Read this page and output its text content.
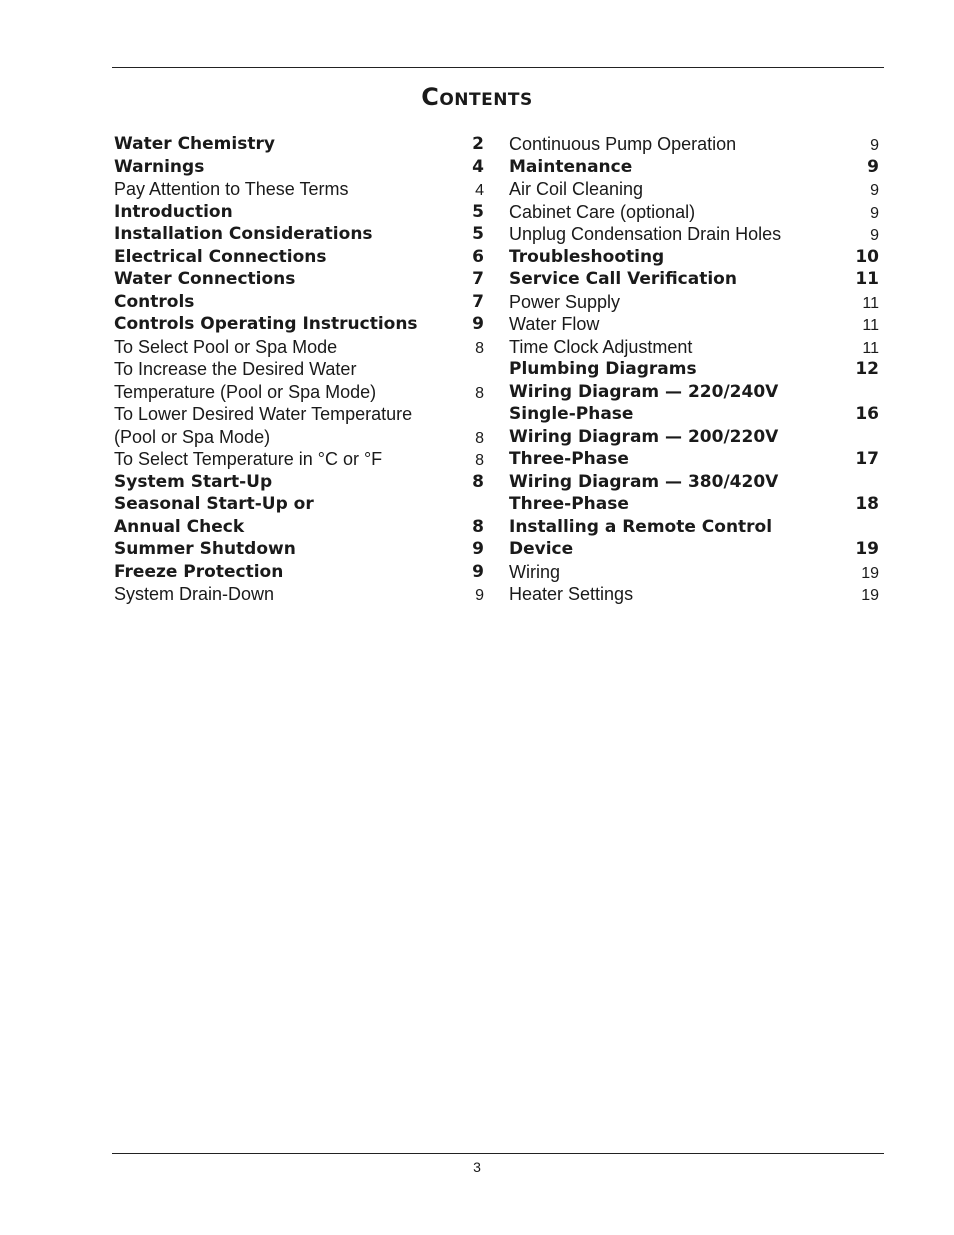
Contents
Water Chemistry	2
Warnings	4
Pay Attention to These Terms	4
Introduction	5
Installation Considerations	5
Electrical Connections	6
Water Connections	7
Controls	7
Controls Operating Instructions	9
To Select Pool or Spa Mode	8
To Increase the Desired Water
Temperature (Pool or Spa Mode)	8
To Lower Desired Water Temperature
(Pool or Spa Mode)	8
To Select Temperature in °C or °F	8
System Start-Up	8
Seasonal Start-Up or
Annual Check	8
Summer Shutdown	9
Freeze Protection	9
System Drain-Down	9
Continuous Pump Operation	9
Maintenance	9
Air Coil Cleaning	9
Cabinet Care (optional)	9
Unplug Condensation Drain Holes	9
Troubleshooting	10
Service Call Verification	11
Power Supply	11
Water Flow	11
Time Clock Adjustment	11
Plumbing Diagrams	12
Wiring Diagram — 220/240V
Single-Phase	16
Wiring Diagram — 200/220V
Three-Phase	17
Wiring Diagram — 380/420V
Three-Phase	18
Installing a Remote Control
Device	19
Wiring	19
Heater Settings	19
3
